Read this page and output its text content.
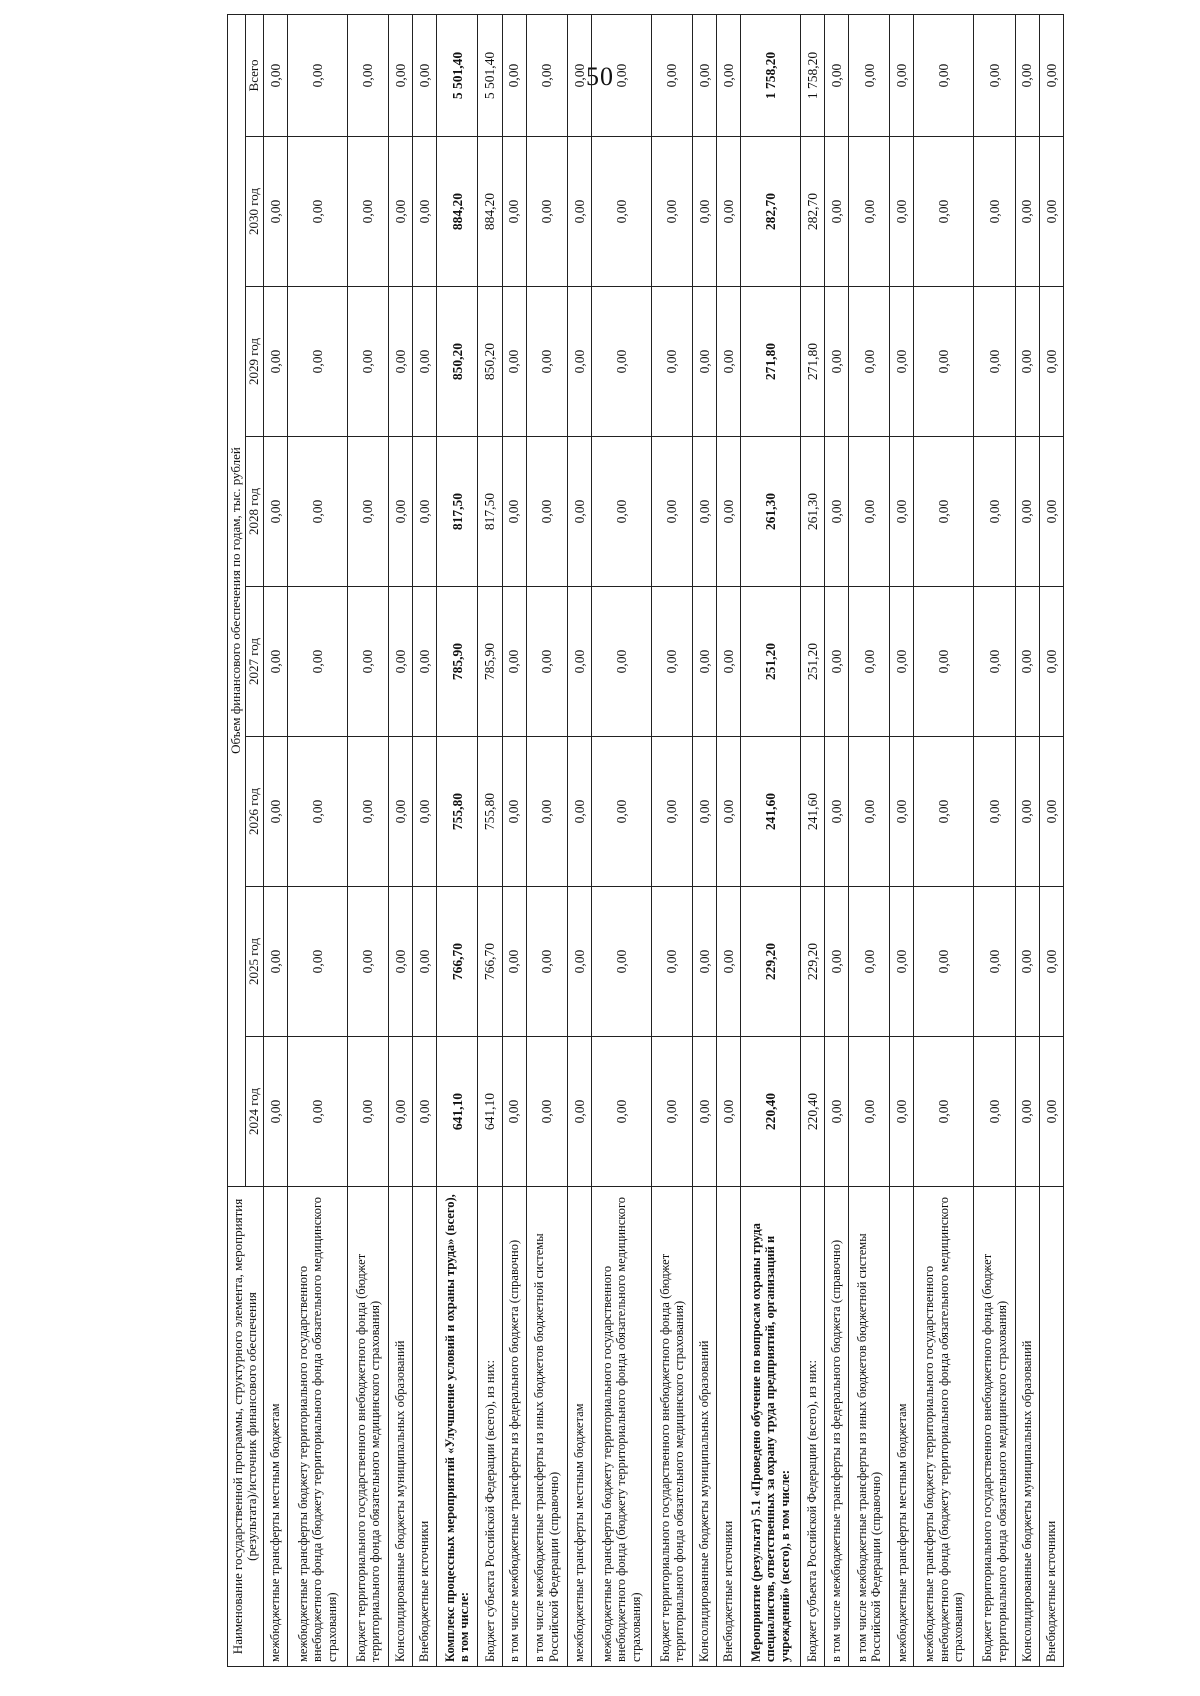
50
Наименование государственной программы, структурного элемента, мероприятия (результата)/источник финансового обеспечения	Объем финансового обеспечения по годам, тыс. рублей							
	2024 год	2025 год	2026 год	2027 год	2028 год	2029 год	2030 год	Всего
межбюджетные трансферты местным бюджетам	0,00	0,00	0,00	0,00	0,00	0,00	0,00	0,00
межбюджетные трансферты бюджету территориального государственного внебюджетного фонда (бюджету территориального фонда обязательного медицинского страхования)	0,00	0,00	0,00	0,00	0,00	0,00	0,00	0,00
Бюджет территориального государственного внебюджетного фонда (бюджет территориального фонда обязательного медицинского страхования)	0,00	0,00	0,00	0,00	0,00	0,00	0,00	0,00
Консолидированные бюджеты муниципальных образований	0,00	0,00	0,00	0,00	0,00	0,00	0,00	0,00
Внебюджетные источники	0,00	0,00	0,00	0,00	0,00	0,00	0,00	0,00
Комплекс процессных мероприятий «Улучшение условий и охраны труда» (всего), в том числе:	641,10	766,70	755,80	785,90	817,50	850,20	884,20	5 501,40
Бюджет субъекта Российской Федерации (всего), из них:	641,10	766,70	755,80	785,90	817,50	850,20	884,20	5 501,40
в том числе межбюджетные трансферты из федерального бюджета (справочно)	0,00	0,00	0,00	0,00	0,00	0,00	0,00	0,00
в том числе межбюджетные трансферты из иных бюджетов бюджетной системы Российской Федерации (справочно)	0,00	0,00	0,00	0,00	0,00	0,00	0,00	0,00
межбюджетные трансферты местным бюджетам	0,00	0,00	0,00	0,00	0,00	0,00	0,00	0,00
межбюджетные трансферты бюджету территориального государственного внебюджетного фонда (бюджету территориального фонда обязательного медицинского страхования)	0,00	0,00	0,00	0,00	0,00	0,00	0,00	0,00
Бюджет территориального государственного внебюджетного фонда (бюджет территориального фонда обязательного медицинского страхования)	0,00	0,00	0,00	0,00	0,00	0,00	0,00	0,00
Консолидированные бюджеты муниципальных образований	0,00	0,00	0,00	0,00	0,00	0,00	0,00	0,00
Внебюджетные источники	0,00	0,00	0,00	0,00	0,00	0,00	0,00	0,00
Мероприятие (результат) 5.1 «Проведено обучение по вопросам охраны труда специалистов, ответственных за охрану труда предприятий, организаций и учреждений» (всего), в том числе:	220,40	229,20	241,60	251,20	261,30	271,80	282,70	1 758,20
Бюджет субъекта Российской Федерации (всего), из них:	220,40	229,20	241,60	251,20	261,30	271,80	282,70	1 758,20
в том числе межбюджетные трансферты из федерального бюджета (справочно)	0,00	0,00	0,00	0,00	0,00	0,00	0,00	0,00
в том числе межбюджетные трансферты из иных бюджетов бюджетной системы Российской Федерации (справочно)	0,00	0,00	0,00	0,00	0,00	0,00	0,00	0,00
межбюджетные трансферты местным бюджетам	0,00	0,00	0,00	0,00	0,00	0,00	0,00	0,00
межбюджетные трансферты бюджету территориального государственного внебюджетного фонда (бюджету территориального фонда обязательного медицинского страхования)	0,00	0,00	0,00	0,00	0,00	0,00	0,00	0,00
Бюджет территориального государственного внебюджетного фонда (бюджет территориального фонда обязательного медицинского страхования)	0,00	0,00	0,00	0,00	0,00	0,00	0,00	0,00
Консолидированные бюджеты муниципальных образований	0,00	0,00	0,00	0,00	0,00	0,00	0,00	0,00
Внебюджетные источники	0,00	0,00	0,00	0,00	0,00	0,00	0,00	0,00
